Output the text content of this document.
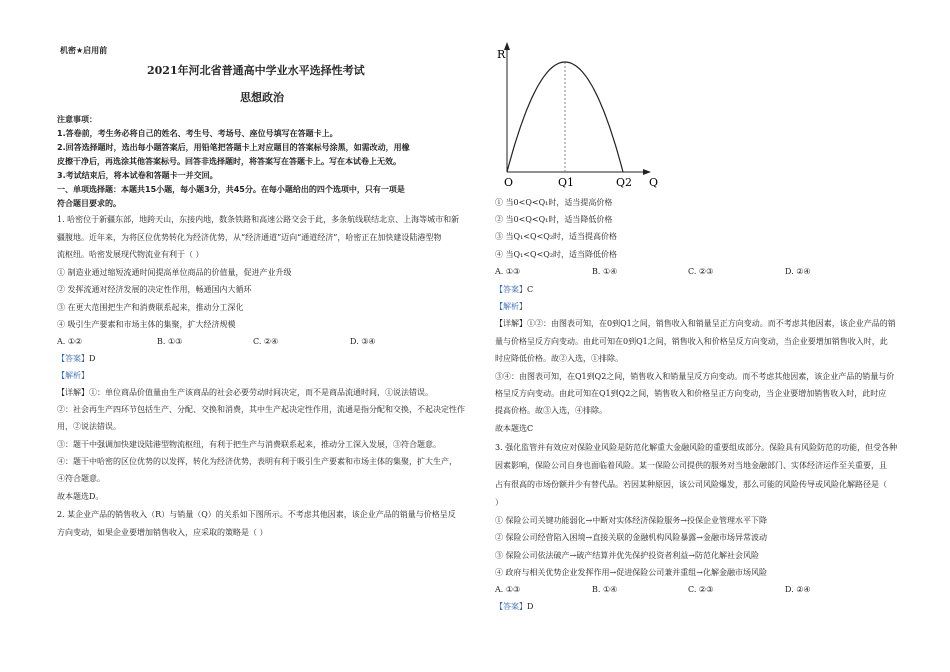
机密★启用前
2021年河北省普通高中学业水平选择性考试
思想政治
注意事项：
1.答卷前，考生务必将自己的姓名、考生号、考场号、座位号填写在答题卡上。
2.回答选择题时，选出每小题答案后，用铅笔把答题卡上对应题目的答案标号涂黑，如需改动，用橡
皮擦干净后，再选涂其他答案标号。回答非选择题时，将答案写在答题卡上。写在本试卷上无效。
3.考试结束后，将本试卷和答题卡一并交回。
一、单项选择题：本题共15小题，每小题3分，共45分。在每小题给出的四个选项中，只有一项是
符合题目要求的。
1. 哈密位于新疆东部，地跨天山，东接内地，数条铁路和高速公路交会于此，多条航线联结北京、上海等城市和新
疆腹地。近年来，为将区位优势转化为经济优势，从“经济通道”迈向“通道经济”，哈密正在加快建设陆港型物
流枢纽。哈密发展现代物流业有利于（ ）
① 制造业通过缩短流通时间提高单位商品的价值量，促进产业升级
② 发挥流通对经济发展的决定性作用，畅通国内大循环
③ 在更大范围把生产和消费联系起来，推动分工深化
④ 吸引生产要素和市场主体的集聚，扩大经济规模
A. ①②	B. ①③	C. ②④	D. ③④
【答案】D
【解析】
【详解】①：单位商品价值量由生产该商品的社会必要劳动时间决定，而不是商品流通时间，①说法错误。
②：社会再生产四环节包括生产、分配、交换和消费，其中生产起决定性作用，流通是指分配和交换，不起决定性作
用，②说法错误。
③：题干中强调加快建设陆港型物流枢纽，有利于把生产与消费联系起来，推动分工深入发展，③符合题意。
④：题干中哈密的区位优势的以发挥，转化为经济优势，表明有利于吸引生产要素和市场主体的集聚，扩大生产，
④符合题意。
故本题选D。
2. 某企业产品的销售收入（R）与销量（Q）的关系如下图所示。不考虑其他因素，该企业产品的销量与价格呈反
方向变动，如果企业要增加销售收入，应采取的策略是（ ）
R
Q
O	Q1	Q2
① 当0<Q<Q₁时，适当提高价格
② 当0<Q<Q₁时，适当降低价格
③ 当Q₁<Q<Q₂时，适当提高价格
④ 当Q₁<Q<Q₂时，适当降低价格
A. ①③	B. ①④	C. ②③	D. ②④
【答案】C
【解析】
【详解】①②：由图表可知，在0到Q1之间，销售收入和销量呈正方向变动。而不考虑其他因素，该企业产品的销
量与价格呈反方向变动。由此可知在0到Q1之间，销售收入和价格呈反方向变动，当企业要增加销售收入时，此
时应降低价格。故②入选，①排除。
③④：由图表可知，在Q1到Q2之间，销售收入和销量呈反方向变动。而不考虑其他因素，该企业产品的销量与价
格呈反方向变动。由此可知在Q1到Q2之间，销售收入和价格呈正方向变动，当企业要增加销售收入时，此时应
提高价格。故③入选，④排除。
故本题选C
3. 强化监管并有效应对保险业风险是防范化解重大金融风险的重要组成部分。保险具有风险防范的功能，但受各种
因素影响，保险公司自身也面临着风险。某一保险公司提供的服务对当地金融部门、实体经济运作至关重要，且
占有很高的市场份额并少有替代品。若因某种原因，该公司风险爆发，那么可能的风险传导或风险化解路径是（
）
① 保险公司关键功能弱化→中断对实体经济保险服务→投保企业管理水平下降
② 保险公司经营陷入困境→直接关联的金融机构风险暴露→金融市场异常波动
③ 保险公司依法破产→破产结算并优先保护投资者利益→防范化解社会风险
④ 政府与相关优势企业发挥作用→促进保险公司兼并重组→化解金融市场风险
A. ①③	B. ①④	C. ②③	D. ②④
【答案】D
